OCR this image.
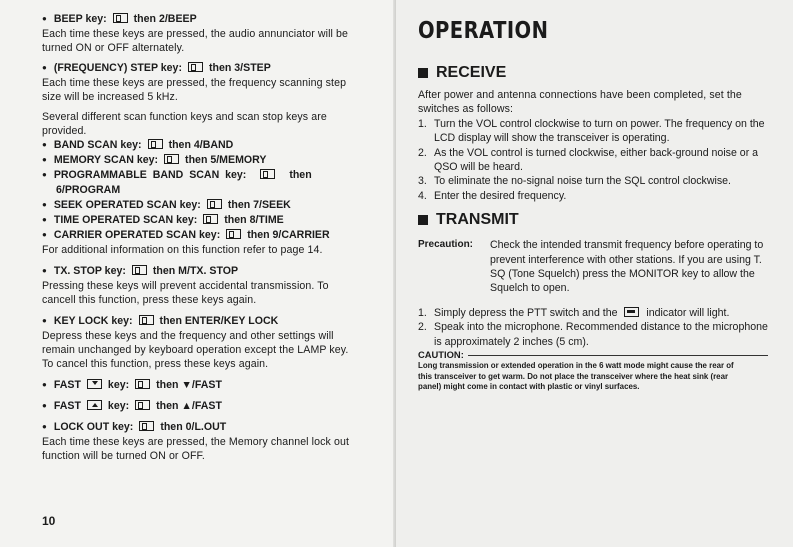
● BEEP key:	then 2/BEEP

Each time these keys are pressed, the audio annunciator will be turned ON or OFF alternately.

● (FREQUENCY) STEP key:	then 3/STEP

Each time these keys are pressed, the frequency scanning step size will be increased 5 kHz.

Several different scan function keys and scan stop keys are provided.

● BAND SCAN key:	then 4/BAND

● MEMORY SCAN key:	then 5/MEMORY

● PROGRAMMABLE  BAND  SCAN  key:	then

6/PROGRAM

● SEEK OPERATED SCAN key:	then 7/SEEK

● TIME OPERATED SCAN key:	then 8/TIME

● CARRIER OPERATED SCAN key:	then 9/CARRIER

For additional information on this function refer to page 14.

● TX. STOP key:	then M/TX. STOP

Pressing these keys will prevent accidental transmission. To cancell this function, press these keys again.

● KEY LOCK key:	then ENTER/KEY LOCK

Depress these keys and the frequency and other settings will remain unchanged by keyboard operation except the LAMP key.

To cancel this function, press these keys again.

● FAST	key:	then ▼/FAST

● FAST	key:	then ▲/FAST

● LOCK OUT key:	then 0/L.OUT

Each time these keys are pressed, the Memory channel lock out function will be turned ON or OFF.

10
OPERATION
RECEIVE

After power and antenna connections have been completed, set the switches as follows:

1. Turn the VOL control clockwise to turn on power. The frequency on the LCD display will show the transceiver is operating.
2. As the VOL control is turned clockwise, either back-ground noise or a QSO will be heard.
3. To eliminate the no-signal noise turn the SQL control clockwise.
4. Enter the desired frequency.
TRANSMIT
Precaution:	Check the intended transmit frequency before operating to prevent interference with other stations. If you are using T. SQ (Tone Squelch) press the MONITOR key to allow the Squelch to open.
1. Simply depress the PTT switch and the	indicator will light.
2. Speak into the microphone. Recommended distance to the microphone is approximately 2 inches (5 cm).
CAUTION:

Long transmission or extended operation in the 6 watt mode might cause the rear of this transceiver to get warm. Do not place the transceiver where the heat sink (rear panel) might come in contact with plastic or vinyl surfaces.
